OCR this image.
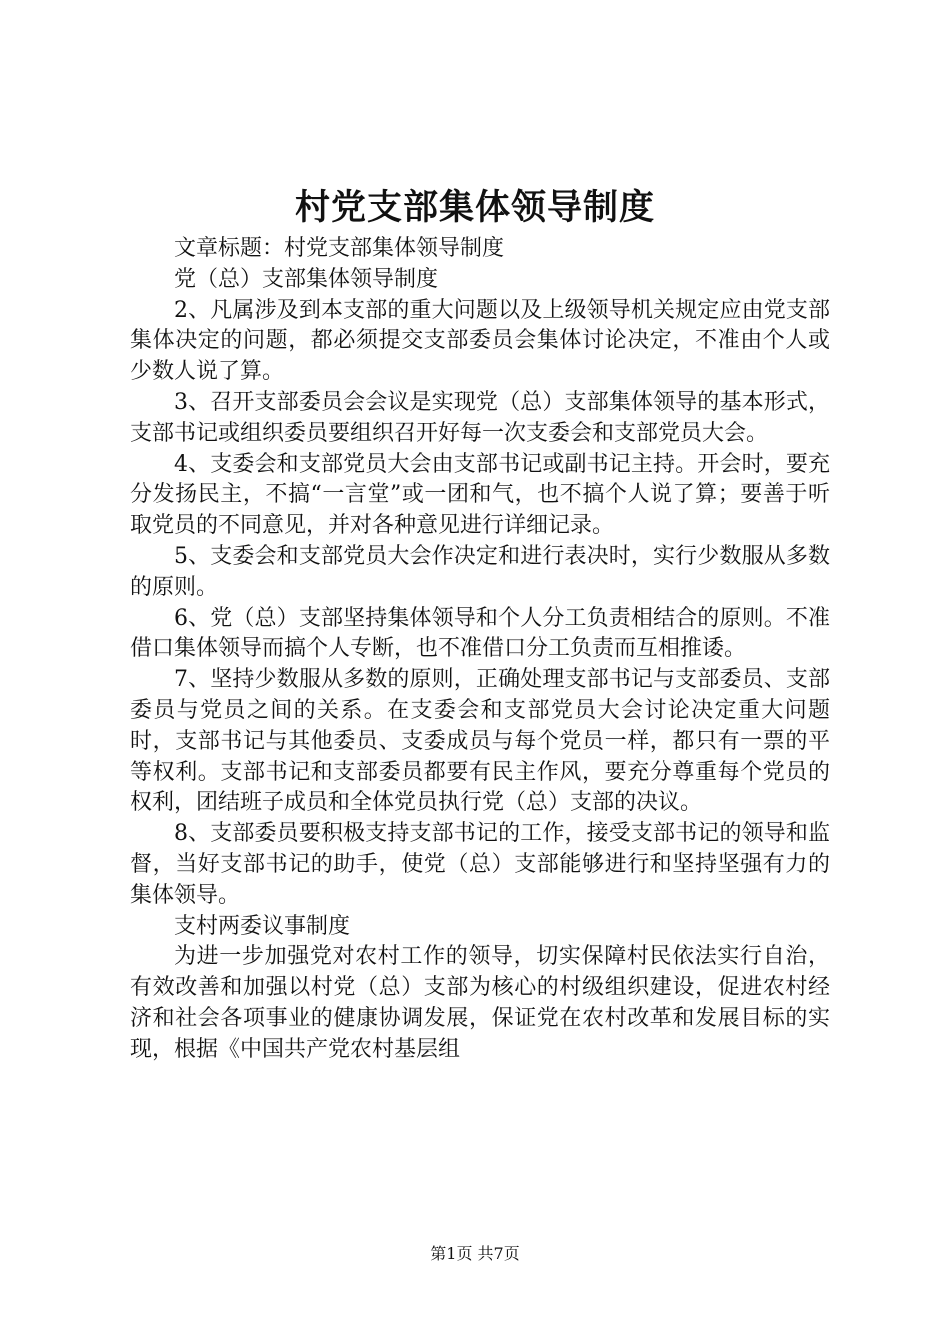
村党支部集体领导制度

文章标题：村党支部集体领导制度

党（总）支部集体领导制度

2、凡属涉及到本支部的重大问题以及上级领导机关规定应由党支部集体决定的问题，都必须提交支部委员会集体讨论决定，不准由个人或少数人说了算。

3、召开支部委员会会议是实现党（总）支部集体领导的基本形式，支部书记或组织委员要组织召开好每一次支委会和支部党员大会。

4、支委会和支部党员大会由支部书记或副书记主持。开会时，要充分发扬民主，不搞“一言堂”或一团和气，也不搞个人说了算；要善于听取党员的不同意见，并对各种意见进行详细记录。

5、支委会和支部党员大会作决定和进行表决时，实行少数服从多数的原则。

6、党（总）支部坚持集体领导和个人分工负责相结合的原则。不准借口集体领导而搞个人专断，也不准借口分工负责而互相推诿。

7、坚持少数服从多数的原则，正确处理支部书记与支部委员、支部委员与党员之间的关系。在支委会和支部党员大会讨论决定重大问题时，支部书记与其他委员、支委成员与每个党员一样，都只有一票的平等权利。支部书记和支部委员都要有民主作风，要充分尊重每个党员的权利，团结班子成员和全体党员执行党（总）支部的决议。

8、支部委员要积极支持支部书记的工作，接受支部书记的领导和监督，当好支部书记的助手，使党（总）支部能够进行和坚持坚强有力的集体领导。

支村两委议事制度

为进一步加强党对农村工作的领导，切实保障村民依法实行自治，有效改善和加强以村党（总）支部为核心的村级组织建设，促进农村经济和社会各项事业的健康协调发展，保证党在农村改革和发展目标的实现，根据《中国共产党农村基层组

第1页 共7页
